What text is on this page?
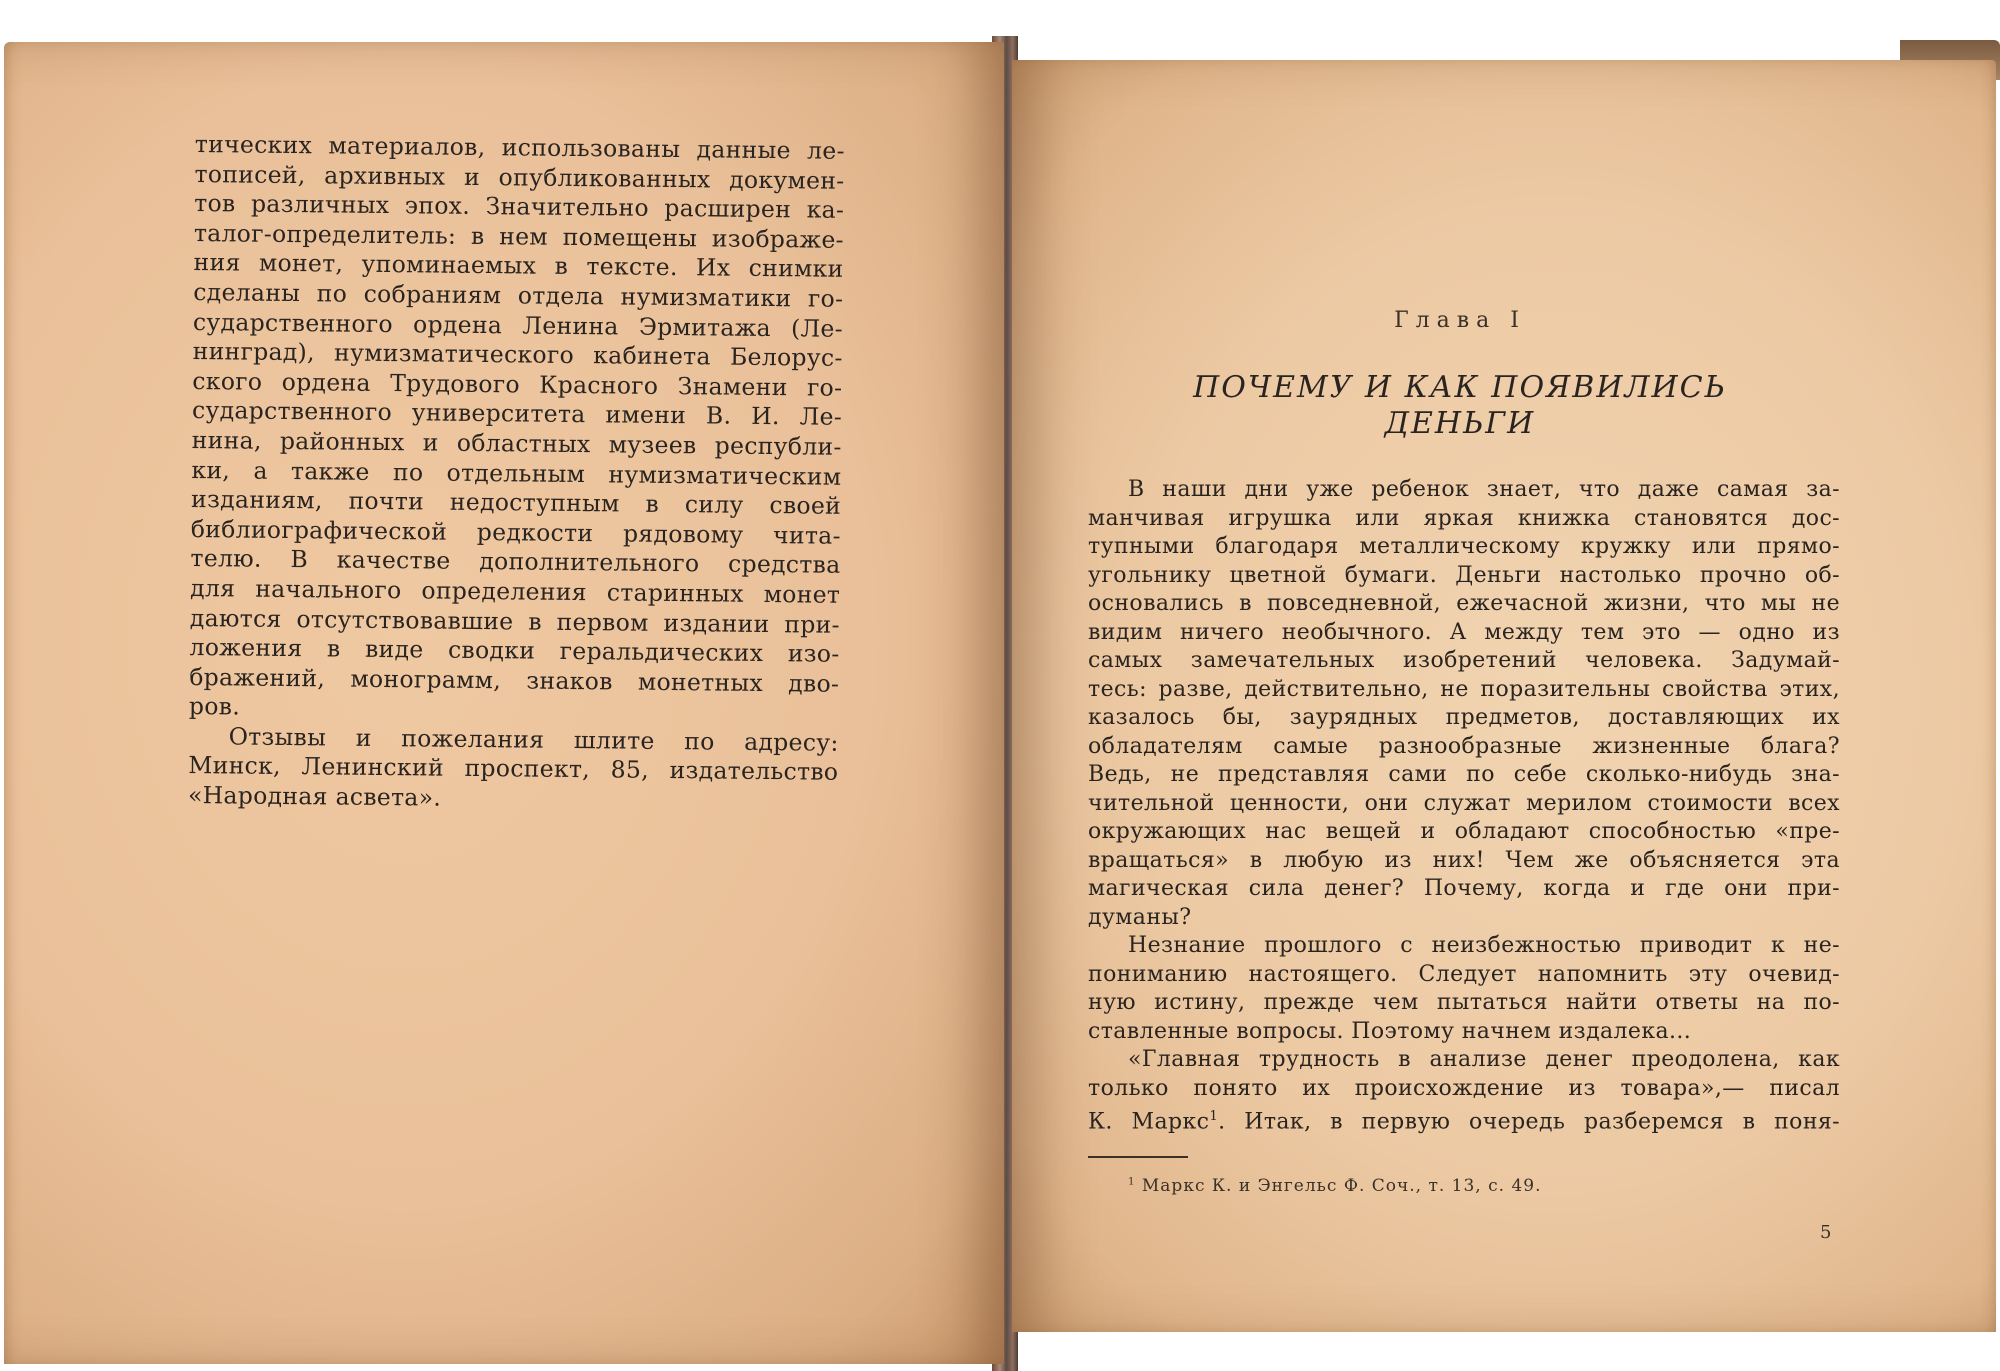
тических материалов, использованы данные ле-
тописей, архивных и опубликованных докумен-
тов различных эпох. Значительно расширен ка-
талог-определитель: в нем помещены изображе-
ния монет, упоминаемых в тексте. Их снимки
сделаны по собраниям отдела нумизматики го-
сударственного ордена Ленина Эрмитажа (Ле-
нинград), нумизматического кабинета Белорус-
ского ордена Трудового Красного Знамени го-
сударственного университета имени В. И. Ле-
нина, районных и областных музеев республи-
ки, а также по отдельным нумизматическим
изданиям, почти недоступным в силу своей
библиографической редкости рядовому чита-
телю. В качестве дополнительного средства
для начального определения старинных монет
даются отсутствовавшие в первом издании при-
ложения в виде сводки геральдических изо-
бражений, монограмм, знаков монетных дво-
ров.
Отзывы и пожелания шлите по адресу:
Минск, Ленинский проспект, 85, издательство
«Народная асвета».
Глава I
ПОЧЕМУ И КАК ПОЯВИЛИСЬ
ДЕНЬГИ
В наши дни уже ребенок знает, что даже самая за-
манчивая игрушка или яркая книжка становятся дос-
тупными благодаря металлическому кружку или прямо-
угольнику цветной бумаги. Деньги настолько прочно об-
основались в повседневной, ежечасной жизни, что мы не
видим ничего необычного. А между тем это — одно из
самых замечательных изобретений человека. Задумай-
тесь: разве, действительно, не поразительны свойства этих,
казалось бы, заурядных предметов, доставляющих их
обладателям самые разнообразные жизненные блага?
Ведь, не представляя сами по себе сколько-нибудь зна-
чительной ценности, они служат мерилом стоимости всех
окружающих нас вещей и обладают способностью «пре-
вращаться» в любую из них! Чем же объясняется эта
магическая сила денег? Почему, когда и где они при-
думаны?
Незнание прошлого с неизбежностью приводит к не-
пониманию настоящего. Следует напомнить эту очевид-
ную истину, прежде чем пытаться найти ответы на по-
ставленные вопросы. Поэтому начнем издалека...
«Главная трудность в анализе денег преодолена, как
только понято их происхождение из товара»,— писал
К. Маркс$^1$. Итак, в первую очередь разберемся в поня-
$^1$ Маркс К. и Энгельс Ф. Соч., т. 13, с. 49.
5
